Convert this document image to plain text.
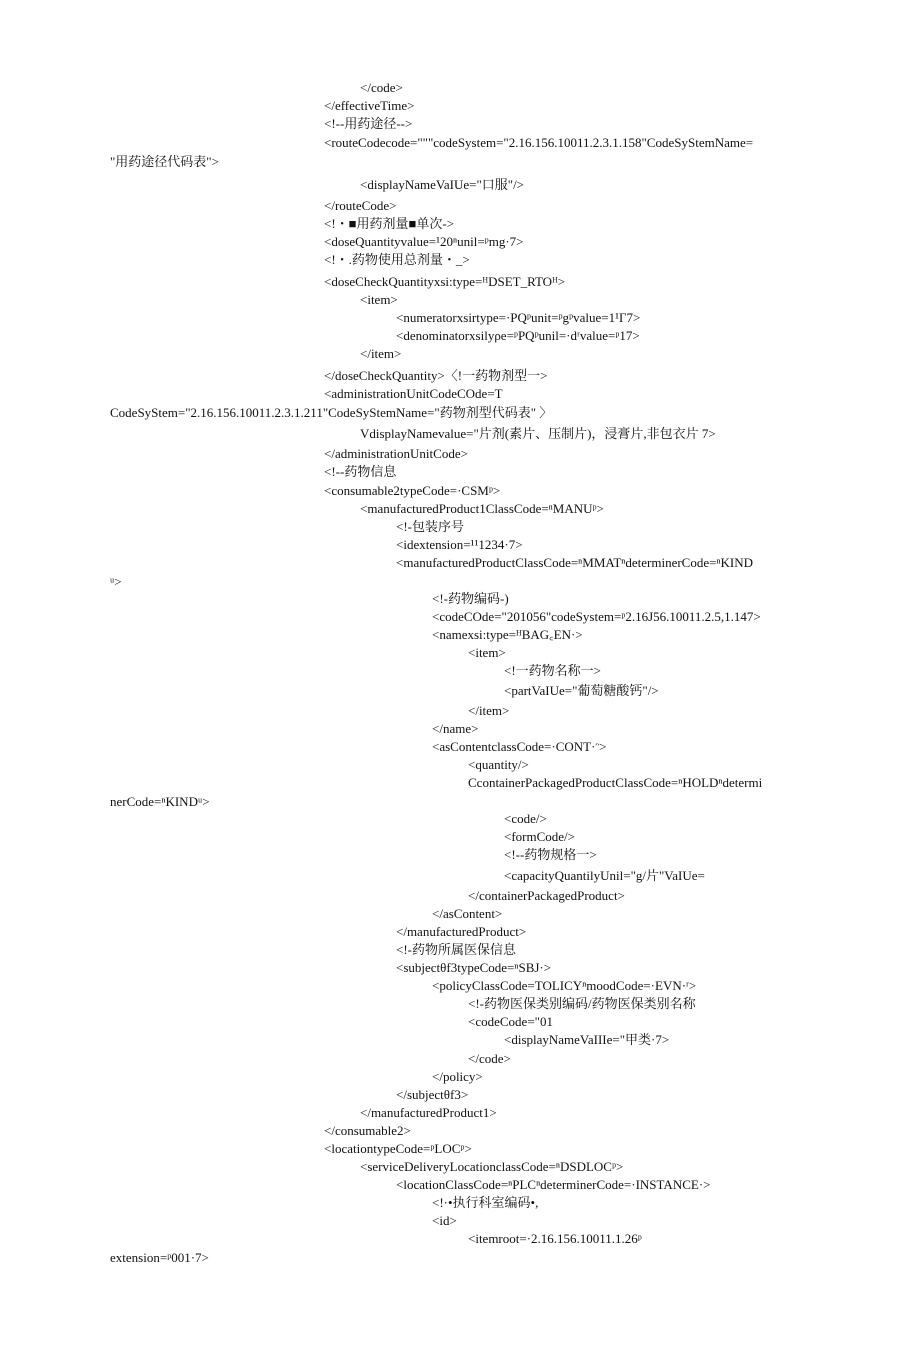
</code>
</effectiveTime>
<!--用药途径-->
<routeCodecode="""codeSystem="2.16.156.10011.2.3.1.158"CodeSyStemName=
"用药途径代码表">
<displayNameVaIUe="口服"/>
</routeCode>
<!・■用药剂量■单次->
<doseQuantityvalue=¹20ⁿunil=ᵖmg·7>
<!・.药物使用总剂量・_>
<doseCheckQuantityxsi:type=ᴴDSET_RTOᴴ>
<item>
<numeratorxsirtype=·PQᵖunit=ᵖgᵖvalue=1¹Γ7>
<denominatorxsilyρe=ᵖPQᵖunil=·dʳvalue=ᵖ17>
</item>
</doseCheckQuantity>〈!一药物剂型一>
<administrationUnitCodeCOde=T
CodeSyStem="2.16.156.10011.2.3.1.211"CodeSyStemName="药物剂型代码表" 〉
VdisplayNamevalue="片剂(素片、压制片)，浸膏片,非包衣片 7>
</administrationUnitCode>
<!--药物信息
<consumable2typeCode=·CSMᵖ>
<manufacturedProduct1ClassCode=ⁿMANUᵖ>
<!-包装序号
<idextension=¹¹1234·7>
<manufacturedProductClassCode=ⁿMMATⁿdeterminerCode=ⁿKIND
ᵘ>
<!-药物编码-)
<codeCOde="201056"codeSystem=ᵖ2.16J56.10011.2.5,1.147>
<namexsi:type=ᴴBAG꜀EN·>
<item>
<!一药物名称一>
<partVaIUe="葡萄糖酸钙"/>
</item>
</name>
<asContentclassCode=·CONT·ᵔ>
<quantity/>
CcontainerPackagedProductClassCode=ⁿHOLDⁿdetermi
nerCode=ⁿKINDᵘ>
<code/>
<formCode/>
<!--药物规格一>
<capacityQuantilyUnil="g/片"VaIUe=
</containerPackagedProduct>
</asContent>
</manufacturedProduct>
<!-药物所属医保信息
<subjectθf3typeCode=ⁿSBJ·>
<policyClassCode=TOLICYⁿmoodCode=·EVN·ʳ>
<!-药物医保类别编码/药物医保类别名称
<codeCode="01
<displayNameVaIIIe="甲类·7>
</code>
</policy>
</subjectθf3>
</manufacturedProduct1>
</consumable2>
<locationtypeCode=ᵖLOCᵖ>
<serviceDeliveryLocationclassCode=ⁿDSDLOCᵖ>
<locationClassCode=ⁿPLCⁿdeterminerCode=·INSTANCE·>
<!·•执行科室编码•,
<id>
<itemroot=·2.16.156.10011.1.26ᵖ
extension=ᵖ001·7>
